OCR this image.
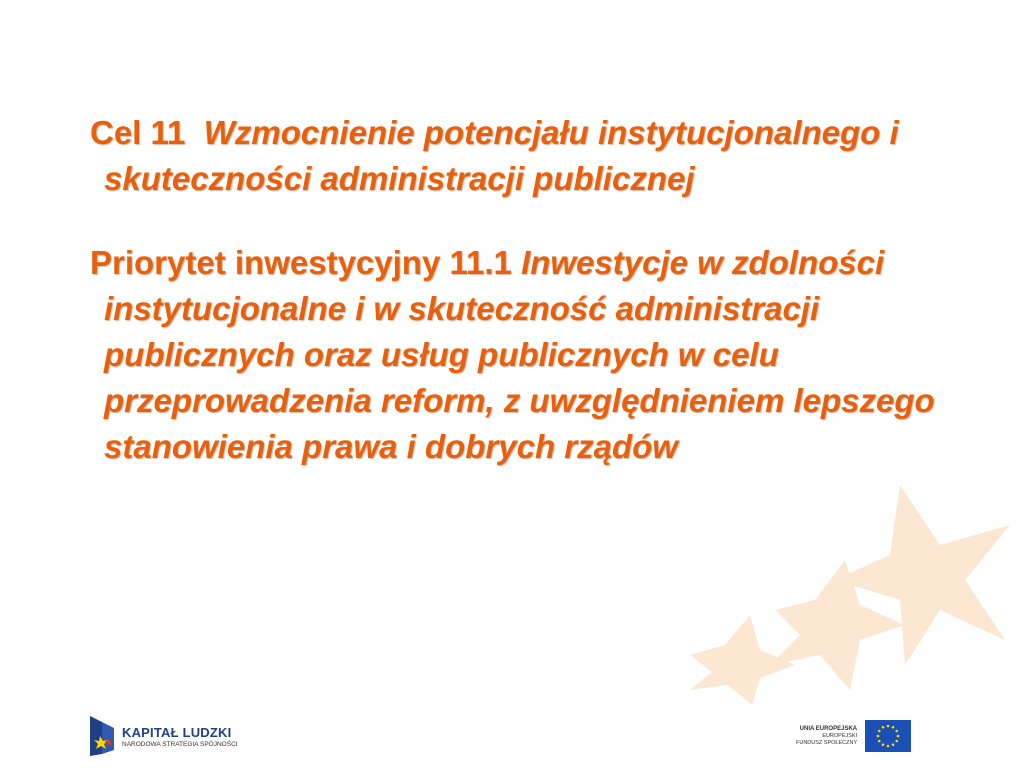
Cel 11 Wzmocnienie potencjału instytucjonalnego i skuteczności administracji publicznej

Priorytet inwestycyjny 11.1 Inwestycje w zdolności instytucjonalne i w skuteczność administracji publicznych oraz usług publicznych w celu przeprowadzenia reform, z uwzględnieniem lepszego stanowienia prawa i dobrych rządów

KAPITAŁ LUDZKI
NARODOWA STRATEGIA SPÓJNOŚCI
UNIA EUROPEJSKA
EUROPEJSKI
FUNDUSZ SPOŁECZNY
